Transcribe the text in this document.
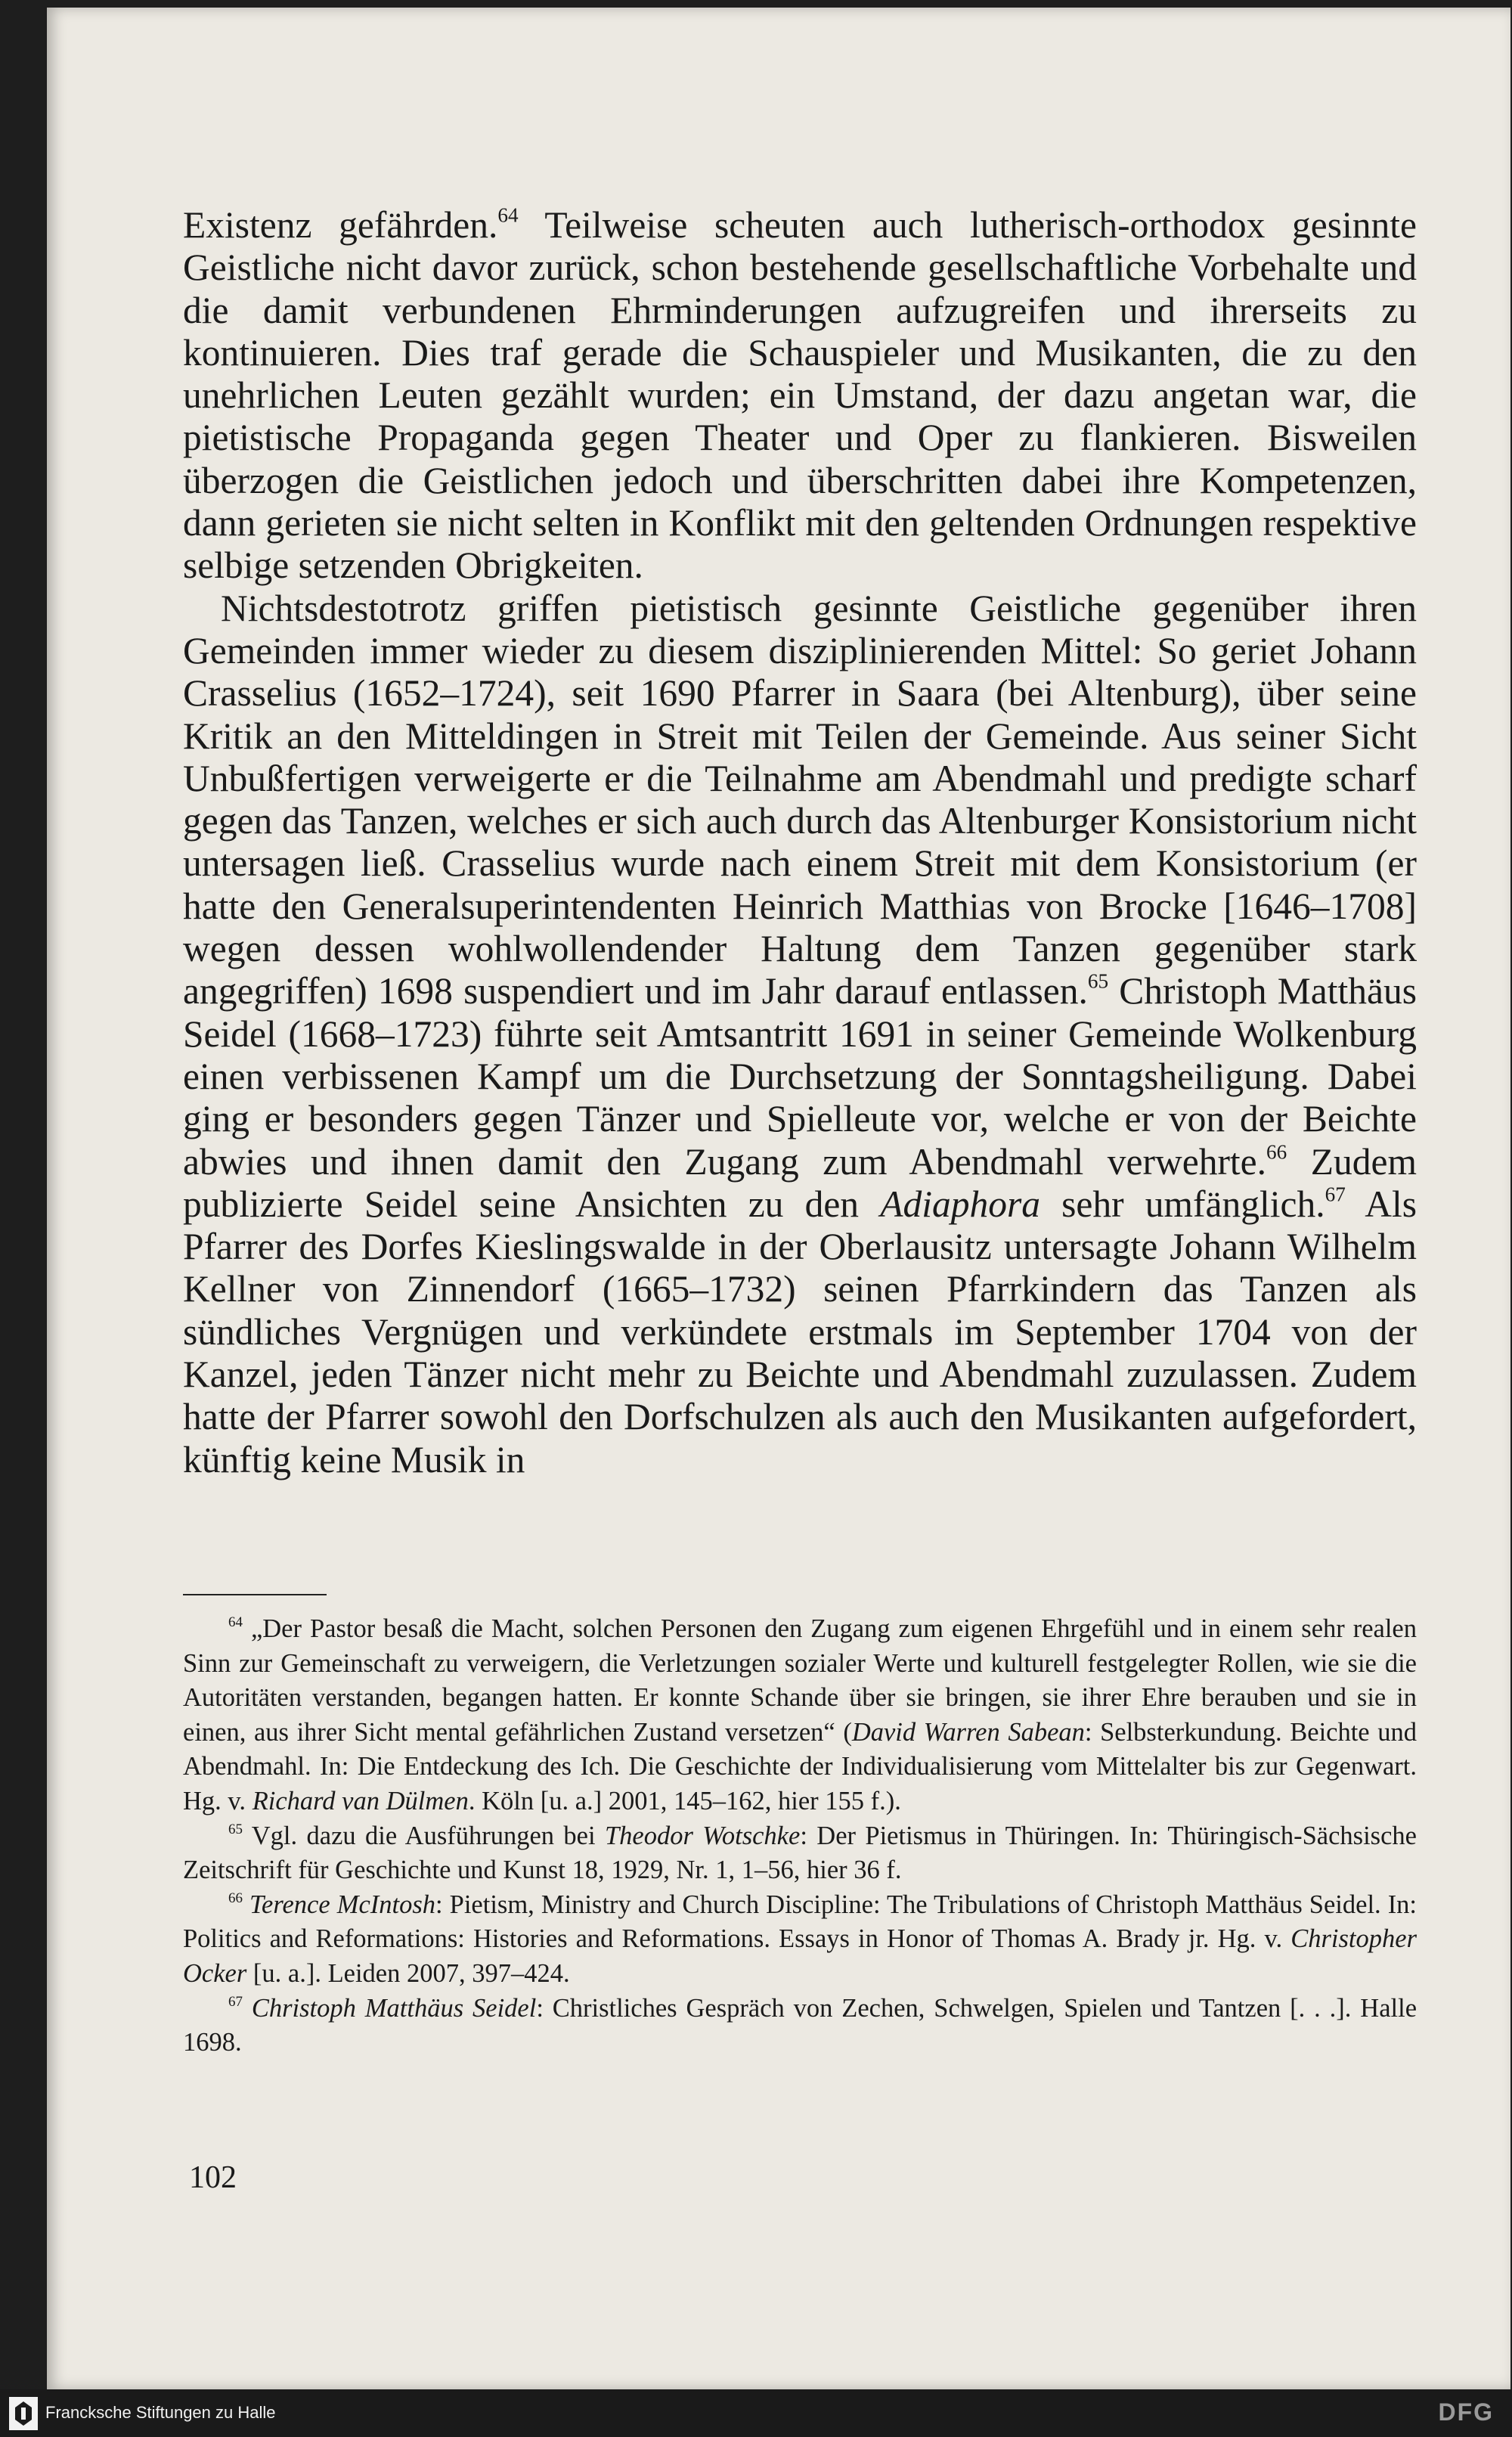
Existenz gefährden.$^{64}$ Teilweise scheuten auch lutherisch-orthodox gesinnte Geistliche nicht davor zurück, schon bestehende gesellschaftliche Vorbehalte und die damit verbundenen Ehrminderungen aufzugreifen und ihrerseits zu kontinuieren. Dies traf gerade die Schauspieler und Musikanten, die zu den unehrlichen Leuten gezählt wurden; ein Umstand, der dazu angetan war, die pietistische Propaganda gegen Theater und Oper zu flankieren. Bisweilen überzogen die Geistlichen jedoch und überschritten dabei ihre Kompetenzen, dann gerieten sie nicht selten in Konflikt mit den geltenden Ordnungen respektive selbige setzenden Obrigkeiten.

Nichtsdestotrotz griffen pietistisch gesinnte Geistliche gegenüber ihren Gemeinden immer wieder zu diesem disziplinierenden Mittel: So geriet Johann Crasselius (1652–1724), seit 1690 Pfarrer in Saara (bei Altenburg), über seine Kritik an den Mitteldingen in Streit mit Teilen der Gemeinde. Aus seiner Sicht Unbußfertigen verweigerte er die Teilnahme am Abendmahl und predigte scharf gegen das Tanzen, welches er sich auch durch das Altenburger Konsistorium nicht untersagen ließ. Crasselius wurde nach einem Streit mit dem Konsistorium (er hatte den Generalsuperintendenten Heinrich Matthias von Brocke [1646–1708] wegen dessen wohlwollendender Haltung dem Tanzen gegenüber stark angegriffen) 1698 suspendiert und im Jahr darauf entlassen.$^{65}$ Christoph Matthäus Seidel (1668–1723) führte seit Amtsantritt 1691 in seiner Gemeinde Wolkenburg einen verbissenen Kampf um die Durchsetzung der Sonntagsheiligung. Dabei ging er besonders gegen Tänzer und Spielleute vor, welche er von der Beichte abwies und ihnen damit den Zugang zum Abendmahl verwehrte.$^{66}$ Zudem publizierte Seidel seine Ansichten zu den Adiaphora sehr umfänglich.$^{67}$ Als Pfarrer des Dorfes Kieslingswalde in der Oberlausitz untersagte Johann Wilhelm Kellner von Zinnendorf (1665–1732) seinen Pfarrkindern das Tanzen als sündliches Vergnügen und verkündete erstmals im September 1704 von der Kanzel, jeden Tänzer nicht mehr zu Beichte und Abendmahl zuzulassen. Zudem hatte der Pfarrer sowohl den Dorfschulzen als auch den Musikanten aufgefordert, künftig keine Musik in

$^{64}$ „Der Pastor besaß die Macht, solchen Personen den Zugang zum eigenen Ehrgefühl und in einem sehr realen Sinn zur Gemeinschaft zu verweigern, die Verletzungen sozialer Werte und kulturell festgelegter Rollen, wie sie die Autoritäten verstanden, begangen hatten. Er konnte Schande über sie bringen, sie ihrer Ehre berauben und sie in einen, aus ihrer Sicht mental gefährlichen Zustand versetzen“ (David Warren Sabean: Selbsterkundung. Beichte und Abendmahl. In: Die Entdeckung des Ich. Die Geschichte der Individualisierung vom Mittelalter bis zur Gegenwart. Hg. v. Richard van Dülmen. Köln [u. a.] 2001, 145–162, hier 155 f.).

$^{65}$ Vgl. dazu die Ausführungen bei Theodor Wotschke: Der Pietismus in Thüringen. In: Thüringisch-Sächsische Zeitschrift für Geschichte und Kunst 18, 1929, Nr. 1, 1–56, hier 36 f.

$^{66}$ Terence McIntosh: Pietism, Ministry and Church Discipline: The Tribulations of Christoph Matthäus Seidel. In: Politics and Reformations: Histories and Reformations. Essays in Honor of Thomas A. Brady jr. Hg. v. Christopher Ocker [u. a.]. Leiden 2007, 397–424.

$^{67}$ Christoph Matthäus Seidel: Christliches Gespräch von Zechen, Schwelgen, Spielen und Tantzen [. . .]. Halle 1698.

102
Francksche Stiftungen zu Halle	DFG
